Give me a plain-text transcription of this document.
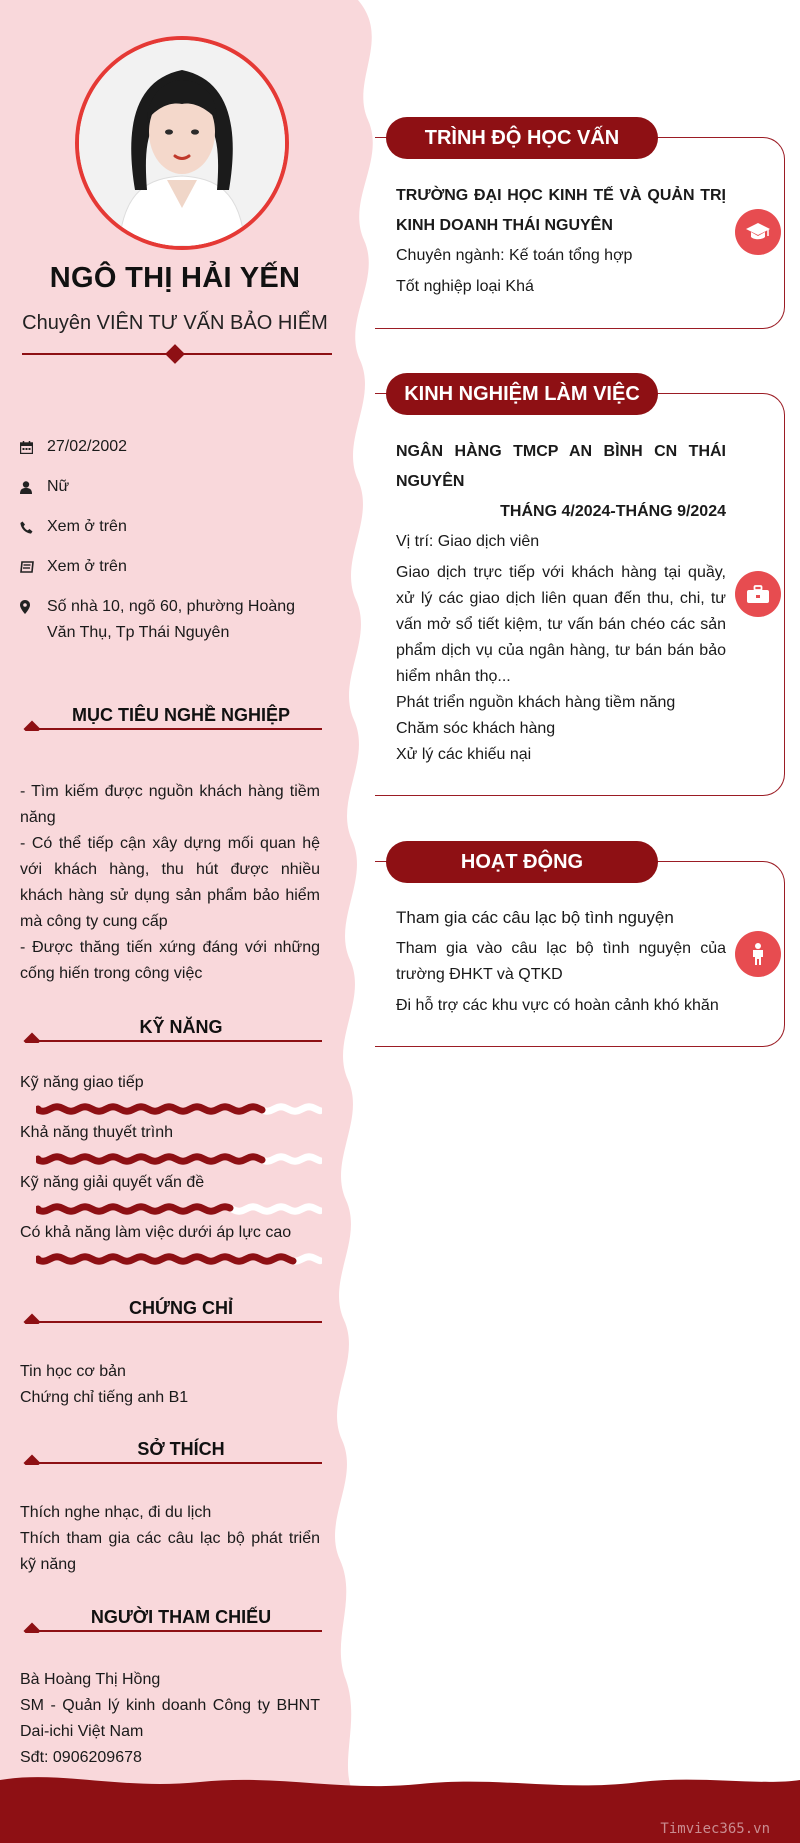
NGÔ THỊ HẢI YẾN
Chuyên VIÊN TƯ VẤN BẢO HIỂM
27/02/2002
Nữ
Xem ở trên
Xem ở trên
Số nhà 10, ngõ 60, phường Hoàng Văn Thụ, Tp Thái Nguyên
MỤC TIÊU NGHỀ NGHIỆP
- Tìm kiếm được nguồn khách hàng tiềm năng
- Có thể tiếp cận xây dựng mối quan hệ với khách hàng, thu hút được nhiều khách hàng sử dụng sản phẩm bảo hiểm mà công ty cung cấp
- Được thăng tiến xứng đáng với những cống hiến trong công việc
KỸ NĂNG
Kỹ năng giao tiếp
Khả năng thuyết trình
Kỹ năng giải quyết vấn đề
Có khả năng làm việc dưới áp lực cao
CHỨNG CHỈ
Tin học cơ bản
Chứng chỉ tiếng anh B1
SỞ THÍCH
Thích nghe nhạc, đi du lịch
Thích tham gia các câu lạc bộ phát triển kỹ năng
NGƯỜI THAM CHIẾU
Bà Hoàng Thị Hồng
SM - Quản lý kinh doanh Công ty BHNT Dai-ichi Việt Nam
Sđt: 0906209678
TRÌNH ĐỘ HỌC VẤN
TRƯỜNG ĐẠI HỌC KINH TẾ VÀ QUẢN TRỊ KINH DOANH THÁI NGUYÊN
Chuyên ngành: Kế toán tổng hợp
Tốt nghiệp loại Khá
KINH NGHIỆM LÀM VIỆC
NGÂN HÀNG TMCP AN BÌNH CN THÁI NGUYÊN
THÁNG 4/2024-THÁNG 9/2024
Vị trí: Giao dịch viên
Giao dịch trực tiếp với khách hàng tại quầy, xử lý các giao dịch liên quan đến thu, chi, tư vấn mở sổ tiết kiệm, tư vấn bán chéo các sản phẩm dịch vụ của ngân hàng, tư bán bán bảo hiểm nhân thọ...
Phát triển nguồn khách hàng tiềm năng
Chăm sóc khách hàng
Xử lý các khiếu nại
HOẠT ĐỘNG
Tham gia các câu lạc bộ tình nguyện
Tham gia vào câu lạc bộ tình nguyện của trường ĐHKT và QTKD
Đi hỗ trợ các khu vực có hoàn cảnh khó khăn
Timviec365.vn
